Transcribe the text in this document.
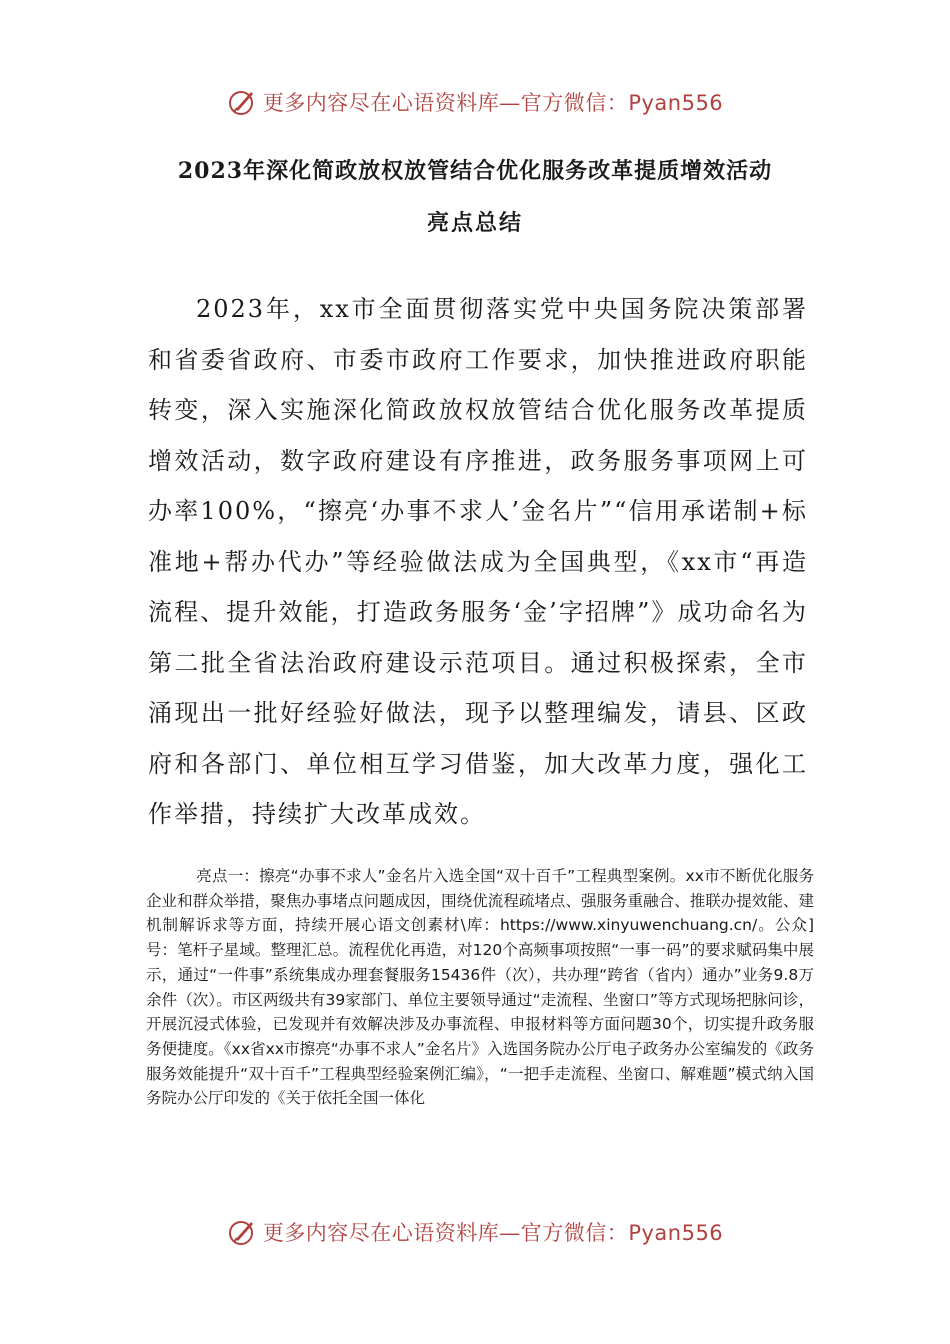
更多内容尽在心语资料库—官方微信：Pyan556
2023年深化简政放权放管结合优化服务改革提质增效活动
亮点总结
2023年，xx市全面贯彻落实党中央国务院决策部署和省委省政府、市委市政府工作要求，加快推进政府职能转变，深入实施深化简政放权放管结合优化服务改革提质增效活动，数字政府建设有序推进，政务服务事项网上可办率100%，“擦亮‘办事不求人’金名片”“信用承诺制+标准地+帮办代办”等经验做法成为全国典型，《xx市“再造流程、提升效能，打造政务服务‘金’字招牌”》成功命名为第二批全省法治政府建设示范项目。通过积极探索，全市涌现出一批好经验好做法，现予以整理编发，请县、区政府和各部门、单位相互学习借鉴，加大改革力度，强化工作举措，持续扩大改革成效。
亮点一：擦亮“办事不求人”金名片入选全国“双十百千”工程典型案例。xx市不断优化服务企业和群众举措，聚焦办事堵点问题成因，围绕优流程疏堵点、强服务重融合、推联办提效能、建机制解诉求等方面，持续开展心语文创素材\库：https://www.xinyuwenchuang.cn/。公众]号：笔杆子星域。整理汇总。流程优化再造，对120个高频事项按照“一事一码”的要求赋码集中展示，通过“一件事”系统集成办理套餐服务15436件（次），共办理“跨省（省内）通办”业务9.8万余件（次）。市区两级共有39家部门、单位主要领导通过“走流程、坐窗口”等方式现场把脉问诊，开展沉浸式体验，已发现并有效解决涉及办事流程、申报材料等方面问题30个，切实提升政务服务便捷度。《xx省xx市擦亮“办事不求人”金名片》入选国务院办公厅电子政务办公室编发的《政务服务效能提升“双十百千”工程典型经验案例汇编》，“一把手走流程、坐窗口、解难题”模式纳入国务院办公厅印发的《关于依托全国一体化
更多内容尽在心语资料库—官方微信：Pyan556
